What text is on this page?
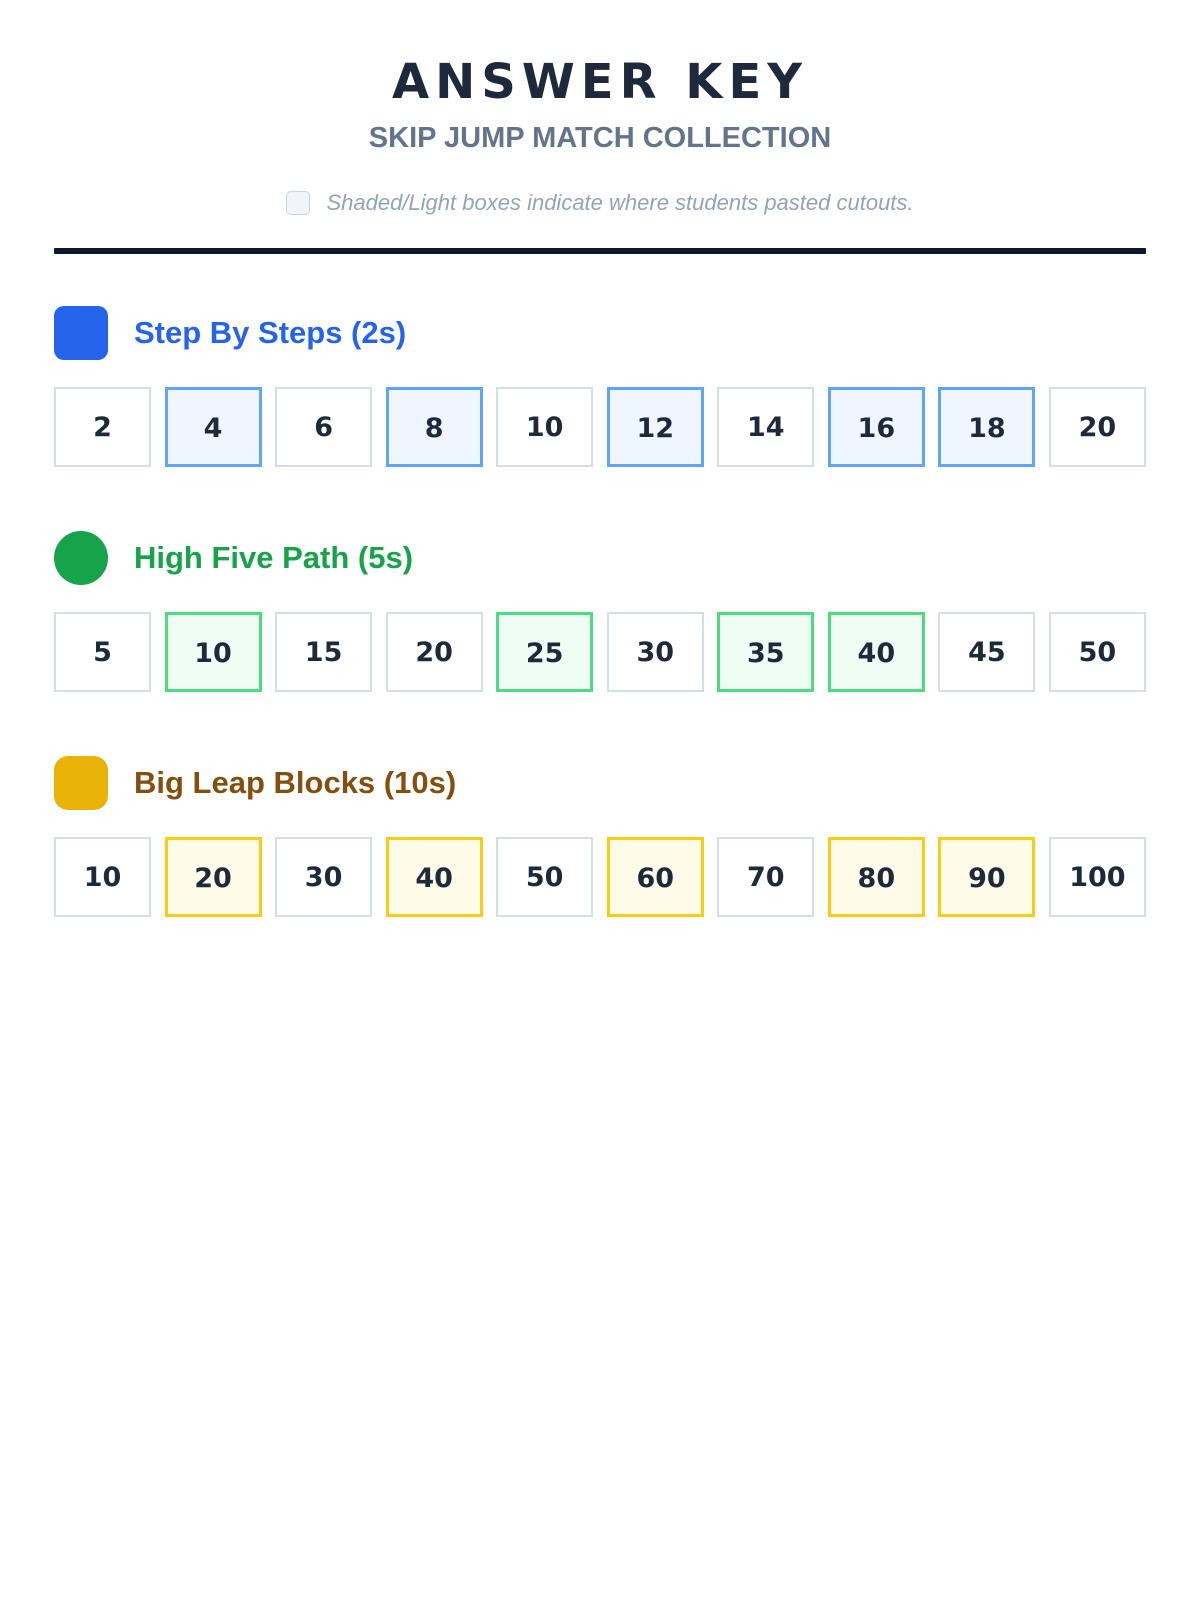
ANSWER KEY
SKIP JUMP MATCH COLLECTION
Shaded/Light boxes indicate where students pasted cutouts.
Step By Steps (2s)
2	4	6	8	10	12	14	16	18	20
High Five Path (5s)
5	10	15	20	25	30	35	40	45	50
Big Leap Blocks (10s)
10	20	30	40	50	60	70	80	90	100
